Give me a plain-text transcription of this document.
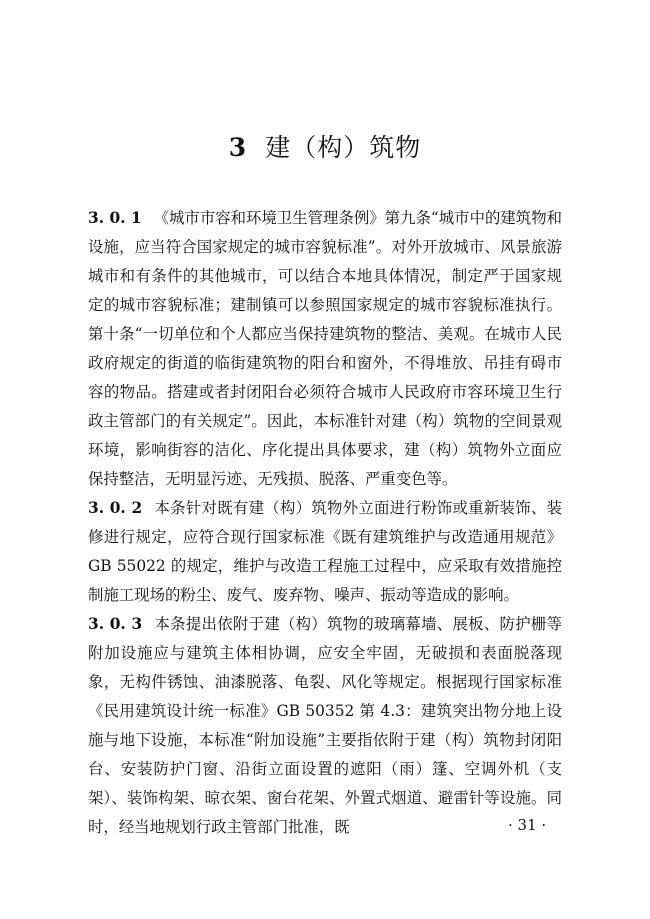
3 建（构）筑物

3. 0. 1 《城市市容和环境卫生管理条例》第九条“城市中的建筑物和设施，应当符合国家规定的城市容貌标准”。对外开放城市、风景旅游城市和有条件的其他城市，可以结合本地具体情况，制定严于国家规定的城市容貌标准；建制镇可以参照国家规定的城市容貌标准执行。第十条“一切单位和个人都应当保持建筑物的整洁、美观。在城市人民政府规定的街道的临街建筑物的阳台和窗外，不得堆放、吊挂有碍市容的物品。搭建或者封闭阳台必须符合城市人民政府市容环境卫生行政主管部门的有关规定”。因此，本标准针对建（构）筑物的空间景观环境，影响街容的洁化、序化提出具体要求，建（构）筑物外立面应保持整洁，无明显污迹、无残损、脱落、严重变色等。

3. 0. 2 本条针对既有建（构）筑物外立面进行粉饰或重新装饰、装修进行规定，应符合现行国家标准《既有建筑维护与改造通用规范》GB 55022 的规定，维护与改造工程施工过程中，应采取有效措施控制施工现场的粉尘、废气、废弃物、噪声、振动等造成的影响。

3. 0. 3 本条提出依附于建（构）筑物的玻璃幕墙、展板、防护栅等附加设施应与建筑主体相协调，应安全牢固，无破损和表面脱落现象，无构件锈蚀、油漆脱落、龟裂、风化等规定。根据现行国家标准《民用建筑设计统一标准》GB 50352 第 4.3：建筑突出物分地上设施与地下设施，本标准“附加设施”主要指依附于建（构）筑物封闭阳台、安装防护门窗、沿街立面设置的遮阳（雨）篷、空调外机（支架）、装饰构架、晾衣架、窗台花架、外置式烟道、避雷针等设施。同时，经当地规划行政主管部门批准，既	· 31 ·
